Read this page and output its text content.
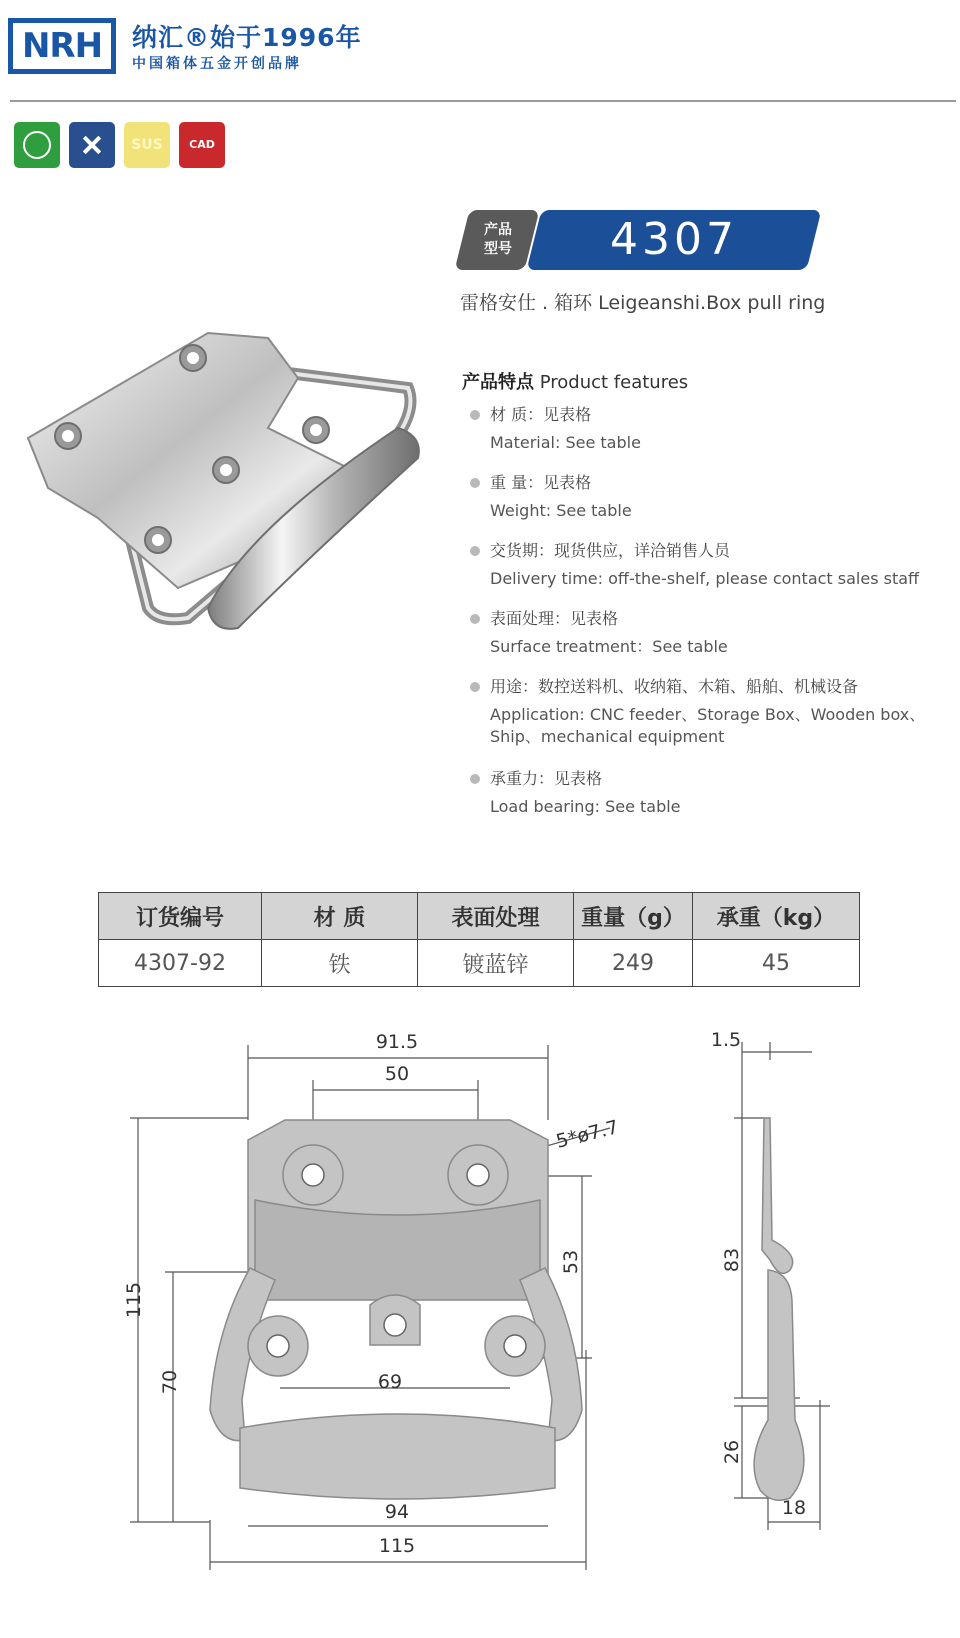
NRH	纳汇®始于1996年
中国箱体五金开创品牌
SUS	CAD
产品
型号	4307
雷格安仕 . 箱环 Leigeanshi.Box pull ring
产品特点 Product features
材 质：见表格
Material: See table
重 量：见表格
Weight: See table
交货期：现货供应，详洽销售人员
Delivery time: off-the-shelf, please contact sales staff
表面处理：见表格
Surface treatment：See table
用途：数控送料机、收纳箱、木箱、船舶、机械设备
Application: CNC feeder、Storage Box、Wooden box、Ship、mechanical equipment
承重力：见表格
Load bearing: See table
订货编号	材 质	表面处理	重量（g）	承重（kg）
4307-92	铁	镀蓝锌	249	45
91.5
50
5*ø7.7
115
70
53
69
94
115
1.5
83
26
18
